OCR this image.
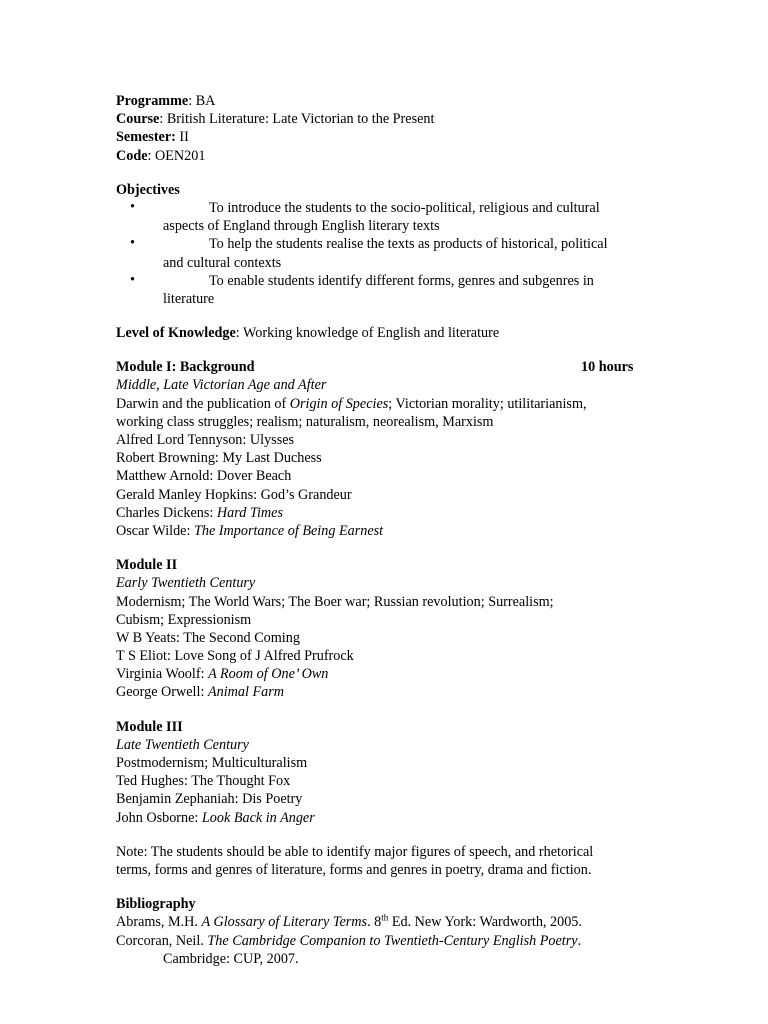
Programme: BA
Course: British Literature: Late Victorian to the Present
Semester: II
Code: OEN201
Objectives
•	To introduce the students to the socio-political, religious and cultural
aspects of England through English literary texts
•	To help the students realise the texts as products of historical, political
and cultural contexts
•	To enable students identify different forms, genres and subgenres in
literature
Level of Knowledge: Working knowledge of English and literature
Module I: Background	10 hours
Middle, Late Victorian Age and After
Darwin and the publication of Origin of Species; Victorian morality; utilitarianism,
working class struggles; realism; naturalism, neorealism, Marxism
Alfred Lord Tennyson: Ulysses
Robert Browning: My Last Duchess
Matthew Arnold: Dover Beach
Gerald Manley Hopkins: God’s Grandeur
Charles Dickens: Hard Times
Oscar Wilde: The Importance of Being Earnest
Module II
Early Twentieth Century
Modernism; The World Wars; The Boer war; Russian revolution; Surrealism;
Cubism; Expressionism
W B Yeats: The Second Coming
T S Eliot: Love Song of J Alfred Prufrock
Virginia Woolf: A Room of One’ Own
George Orwell: Animal Farm
Module III
Late Twentieth Century
Postmodernism; Multiculturalism
Ted Hughes: The Thought Fox
Benjamin Zephaniah: Dis Poetry
John Osborne: Look Back in Anger
Note: The students should be able to identify major figures of speech, and rhetorical
terms, forms and genres of literature, forms and genres in poetry, drama and fiction.
Bibliography
Abrams, M.H. A Glossary of Literary Terms. 8th Ed. New York: Wardworth, 2005.
Corcoran, Neil. The Cambridge Companion to Twentieth-Century English Poetry.
Cambridge: CUP, 2007.
